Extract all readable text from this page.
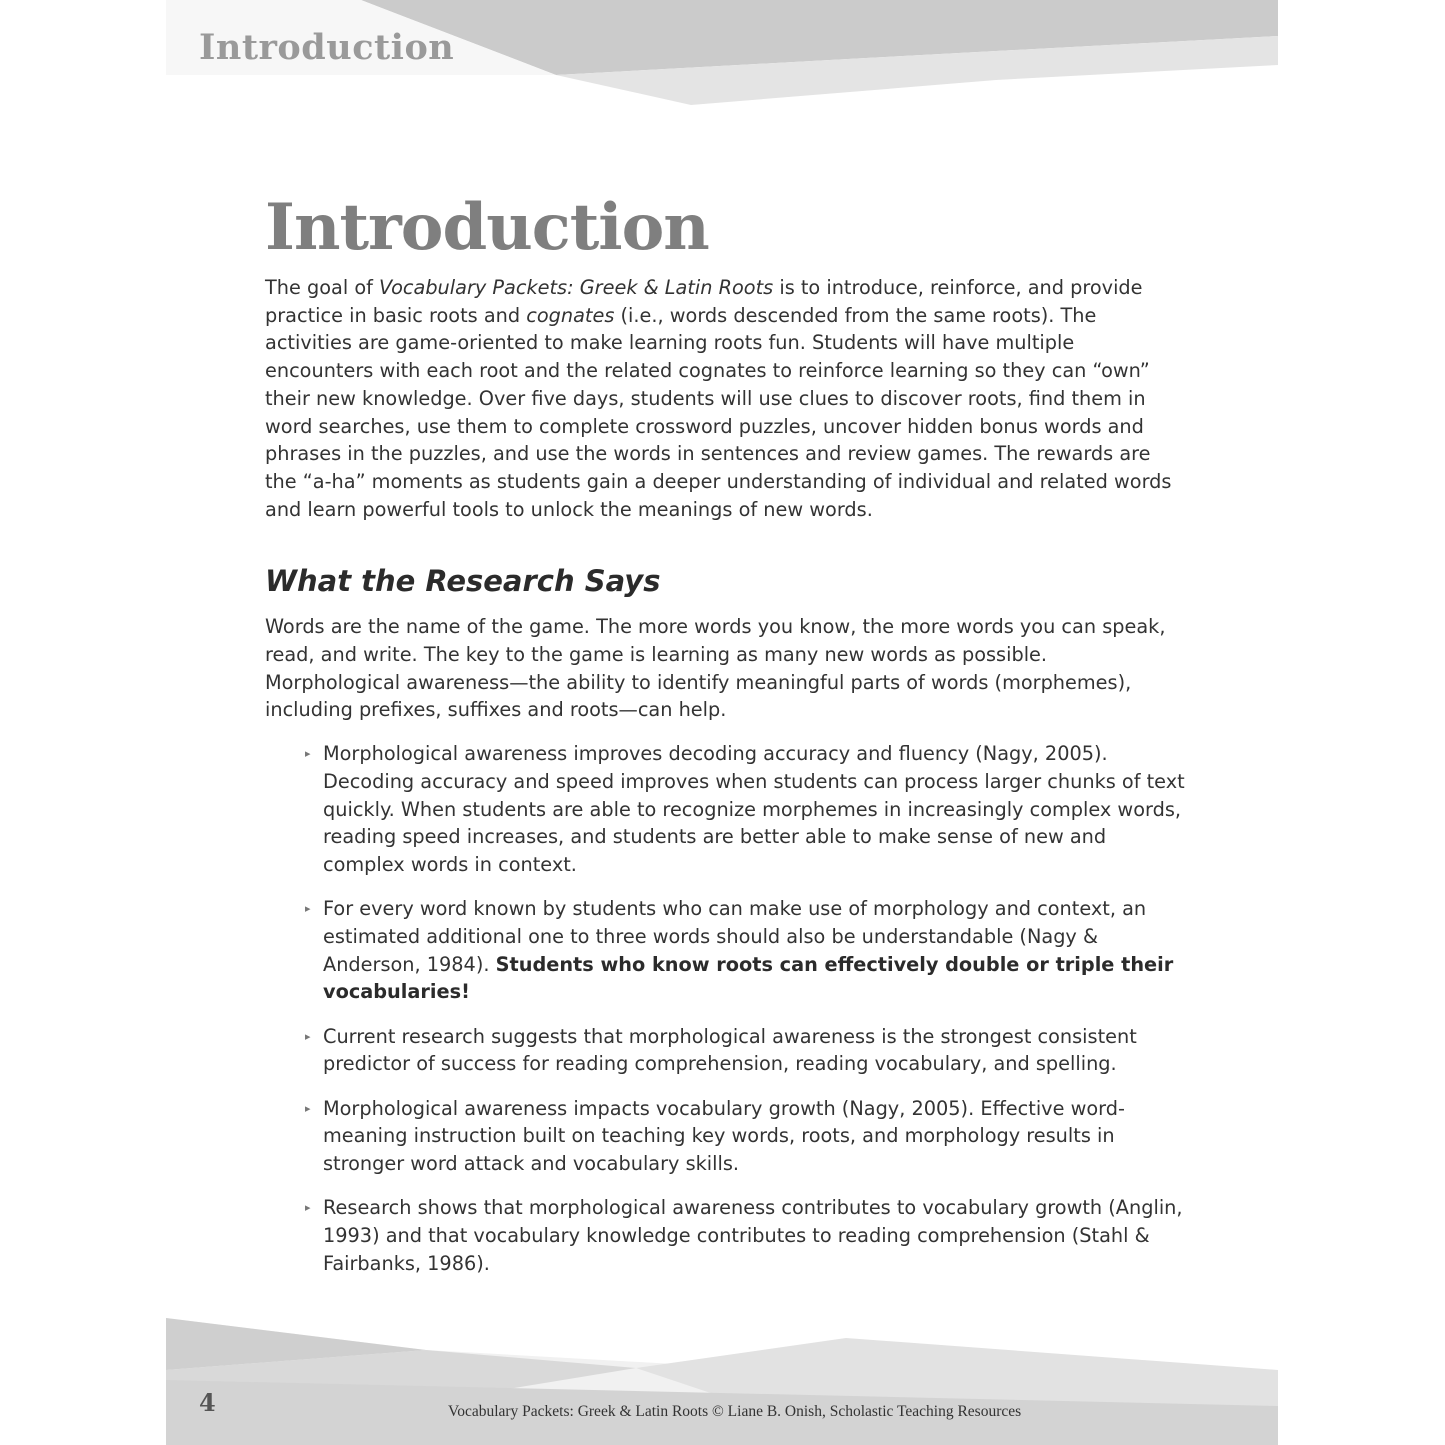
Introduction
Introduction

The goal of Vocabulary Packets: Greek & Latin Roots is to introduce, reinforce, and provide practice in basic roots and cognates (i.e., words descended from the same roots). The activities are game-oriented to make learning roots fun. Students will have multiple encounters with each root and the related cognates to reinforce learning so they can “own” their new knowledge. Over five days, students will use clues to discover roots, find them in word searches, use them to complete crossword puzzles, uncover hidden bonus words and phrases in the puzzles, and use the words in sentences and review games. The rewards are the “a-ha” moments as students gain a deeper understanding of individual and related words and learn powerful tools to unlock the meanings of new words.

What the Research Says

Words are the name of the game. The more words you know, the more words you can speak, read, and write. The key to the game is learning as many new words as possible. Morphological awareness—the ability to identify meaningful parts of words (morphemes), including prefixes, suffixes and roots—can help.

▸ Morphological awareness improves decoding accuracy and fluency (Nagy, 2005). Decoding accuracy and speed improves when students can process larger chunks of text quickly. When students are able to recognize morphemes in increasingly complex words, reading speed increases, and students are better able to make sense of new and complex words in context.
▸ For every word known by students who can make use of morphology and context, an estimated additional one to three words should also be understandable (Nagy & Anderson, 1984). Students who know roots can effectively double or triple their vocabularies!
▸ Current research suggests that morphological awareness is the strongest consistent predictor of success for reading comprehension, reading vocabulary, and spelling.
▸ Morphological awareness impacts vocabulary growth (Nagy, 2005). Effective word-meaning instruction built on teaching key words, roots, and morphology results in stronger word attack and vocabulary skills.
▸ Research shows that morphological awareness contributes to vocabulary growth (Anglin, 1993) and that vocabulary knowledge contributes to reading comprehension (Stahl & Fairbanks, 1986).

4	Vocabulary Packets: Greek & Latin Roots © Liane B. Onish, Scholastic Teaching Resources
